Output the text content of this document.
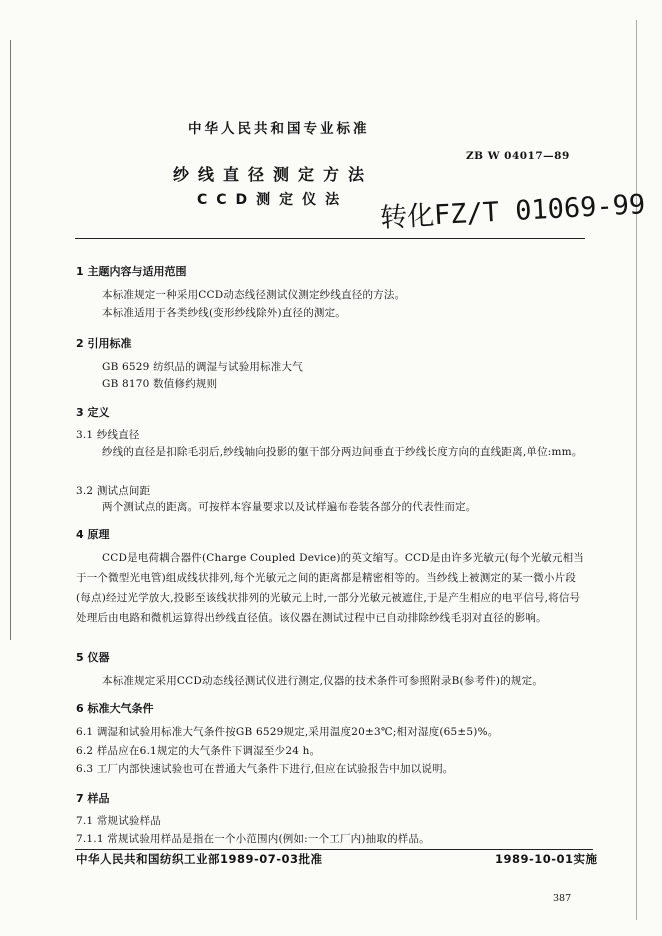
中华人民共和国专业标准
ZB W 04017—89
纱线直径测定方法
CCD测定仪法 转化FZ/T 01069-99
1 主题内容与适用范围
本标准规定一种采用CCD动态线径测试仪测定纱线直径的方法。
本标准适用于各类纱线(变形纱线除外)直径的测定。
2 引用标准
GB 6529 纺织品的调湿与试验用标准大气
GB 8170 数值修约规则
3 定义
3.1 纱线直径
纱线的直径是扣除毛羽后,纱线轴向投影的躯干部分两边间垂直于纱线长度方向的直线距离,单位:mm。
3.2 测试点间距
两个测试点的距离。可按样本容量要求以及试样遍布卷装各部分的代表性而定。
4 原理
CCD是电荷耦合器件(Charge Coupled Device)的英文缩写。CCD是由许多光敏元(每个光敏元相当于一个微型光电管)组成线状排列,每个光敏元之间的距离都是精密相等的。当纱线上被测定的某一微小片段(每点)经过光学放大,投影至该线状排列的光敏元上时,一部分光敏元被遮住,于是产生相应的电平信号,将信号处理后由电路和微机运算得出纱线直径值。该仪器在测试过程中已自动排除纱线毛羽对直径的影响。
5 仪器
本标准规定采用CCD动态线径测试仪进行测定,仪器的技术条件可参照附录B(参考件)的规定。
6 标准大气条件
6.1 调湿和试验用标准大气条件按GB 6529规定,采用温度20±3℃;相对湿度(65±5)%。
6.2 样品应在6.1规定的大气条件下调湿至少24 h。
6.3 工厂内部快速试验也可在普通大气条件下进行,但应在试验报告中加以说明。
7 样品
7.1 常规试验样品
7.1.1 常规试验用样品是指在一个小范围内(例如:一个工厂内)抽取的样品。
中华人民共和国纺织工业部1989-07-03批准	1989-10-01实施
387
